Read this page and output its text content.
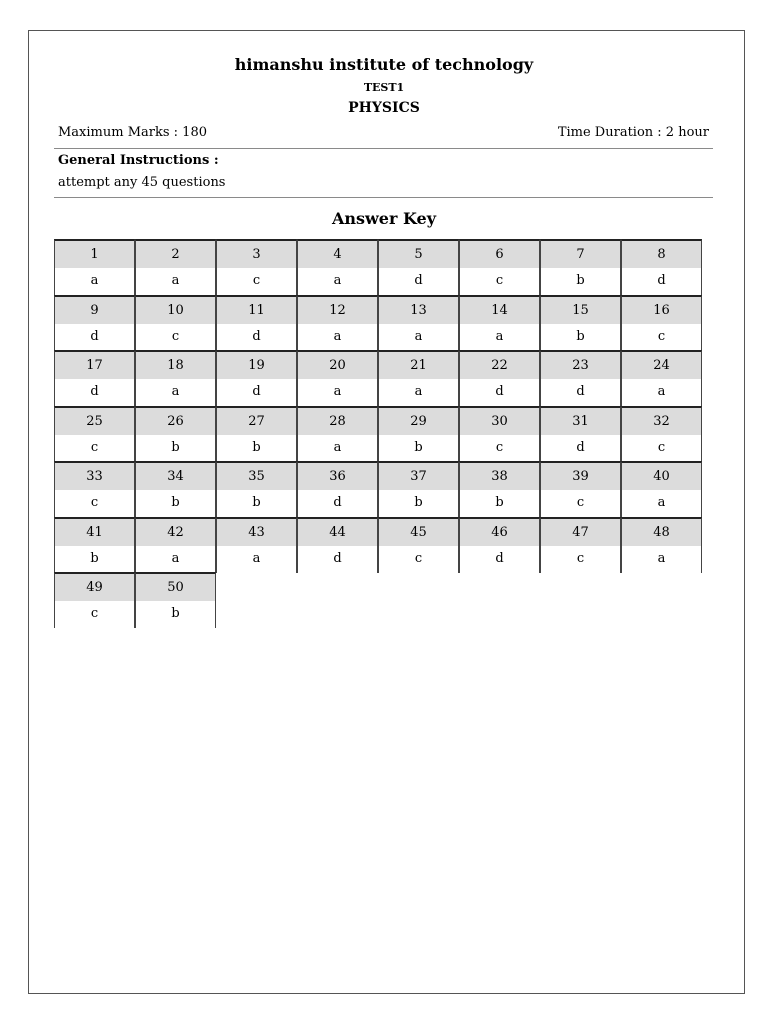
himanshu institute of technology
TEST1
PHYSICS
Maximum Marks : 180	Time Duration : 2 hour
General Instructions :
attempt any 45 questions
Answer Key
1
a
2
a
3
c
4
a
5
d
6
c
7
b
8
d
9
d
10
c
11
d
12
a
13
a
14
a
15
b
16
c
17
d
18
a
19
d
20
a
21
a
22
d
23
d
24
a
25
c
26
b
27
b
28
a
29
b
30
c
31
d
32
c
33
c
34
b
35
b
36
d
37
b
38
b
39
c
40
a
41
b
42
a
43
a
44
d
45
c
46
d
47
c
48
a
49
c
50
b
